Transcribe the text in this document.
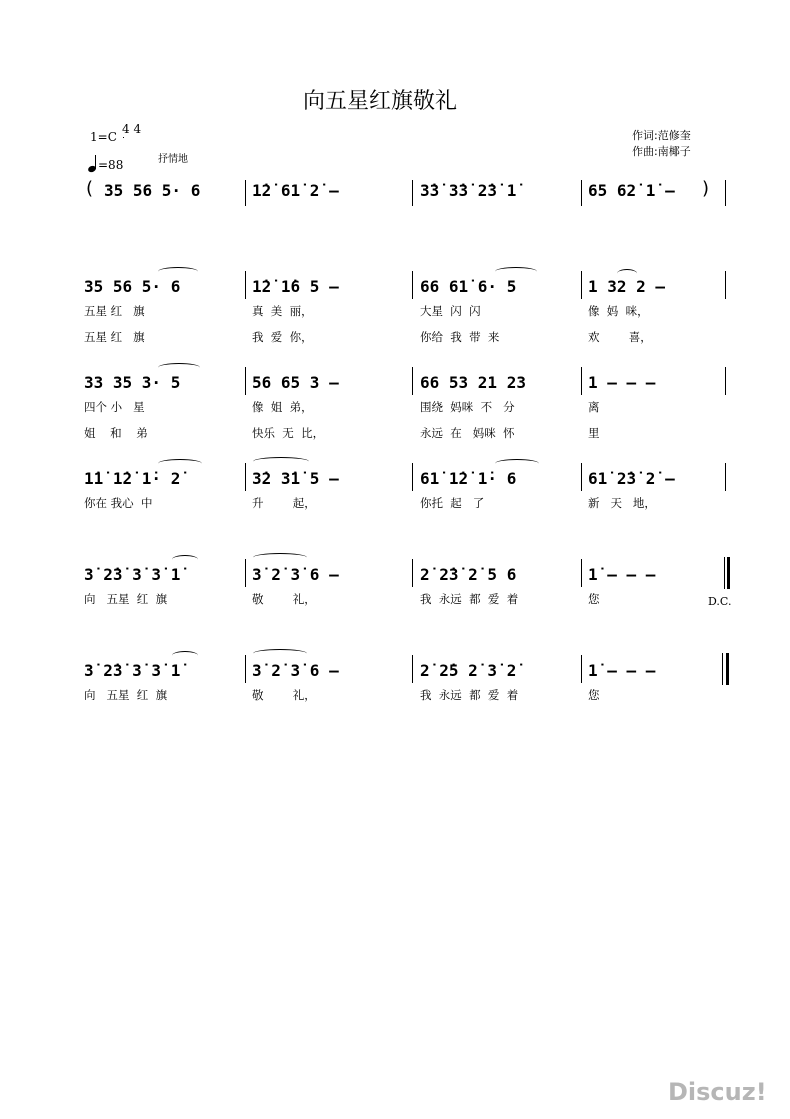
向五星红旗敬礼
1=C
4 4
=88	抒情地
作词:范修奎
作曲:南椰子
( 35 56 5· 6	1̇2̇ 61̇ 2̇ –	3̇3̇ 3̇3̇ 2̇3̇ 1̇	65 62̇ 1̇ – )
35 56 5· 6	1̇2̇ 1̇6 5 –	66 61̇ 6· 5	1 32 2 –
五星 红   旗	真  美  丽，	大星  闪  闪	像  妈  咪，
五星 红   旗	我  爱  你，	你给  我  带  来	欢        喜，
33 35 3· 5	56 65 3 –	66 53 21 23	1 – – –
四个 小   星	像  姐  弟，	围绕  妈咪  不   分	离
姐    和    弟	快乐  无  比，	永远  在   妈咪  怀	里
1̇1̇ 1̇2̇ 1̇· 2̇	3̇2 3̇1̇ 5 –	61̇ 1̇2̇ 1̇· 6	61̇ 2̇3̇ 2̇ –
你在 我心  中	升        起，	你托  起   了	新   天   地，
3̇ 2̇3̇ 3̇ 3̇ 1̇	3̇ 2̇ 3̇ 6 –	2̇ 2̇3̇ 2̇ 5 6	1̇ – – –
向   五星  红  旗	敬        礼，	我  永远  都  爱  着	您	D.C.
3̇ 2̇3̇ 3̇ 3̇ 1̇	3̇ 2̇ 3̇ 6 –	2̇ 2̇5 2̇ 3̇ 2̇	1̇ – – –
向   五星  红  旗	敬        礼，	我  永远  都  爱  着	您
Discuz!
